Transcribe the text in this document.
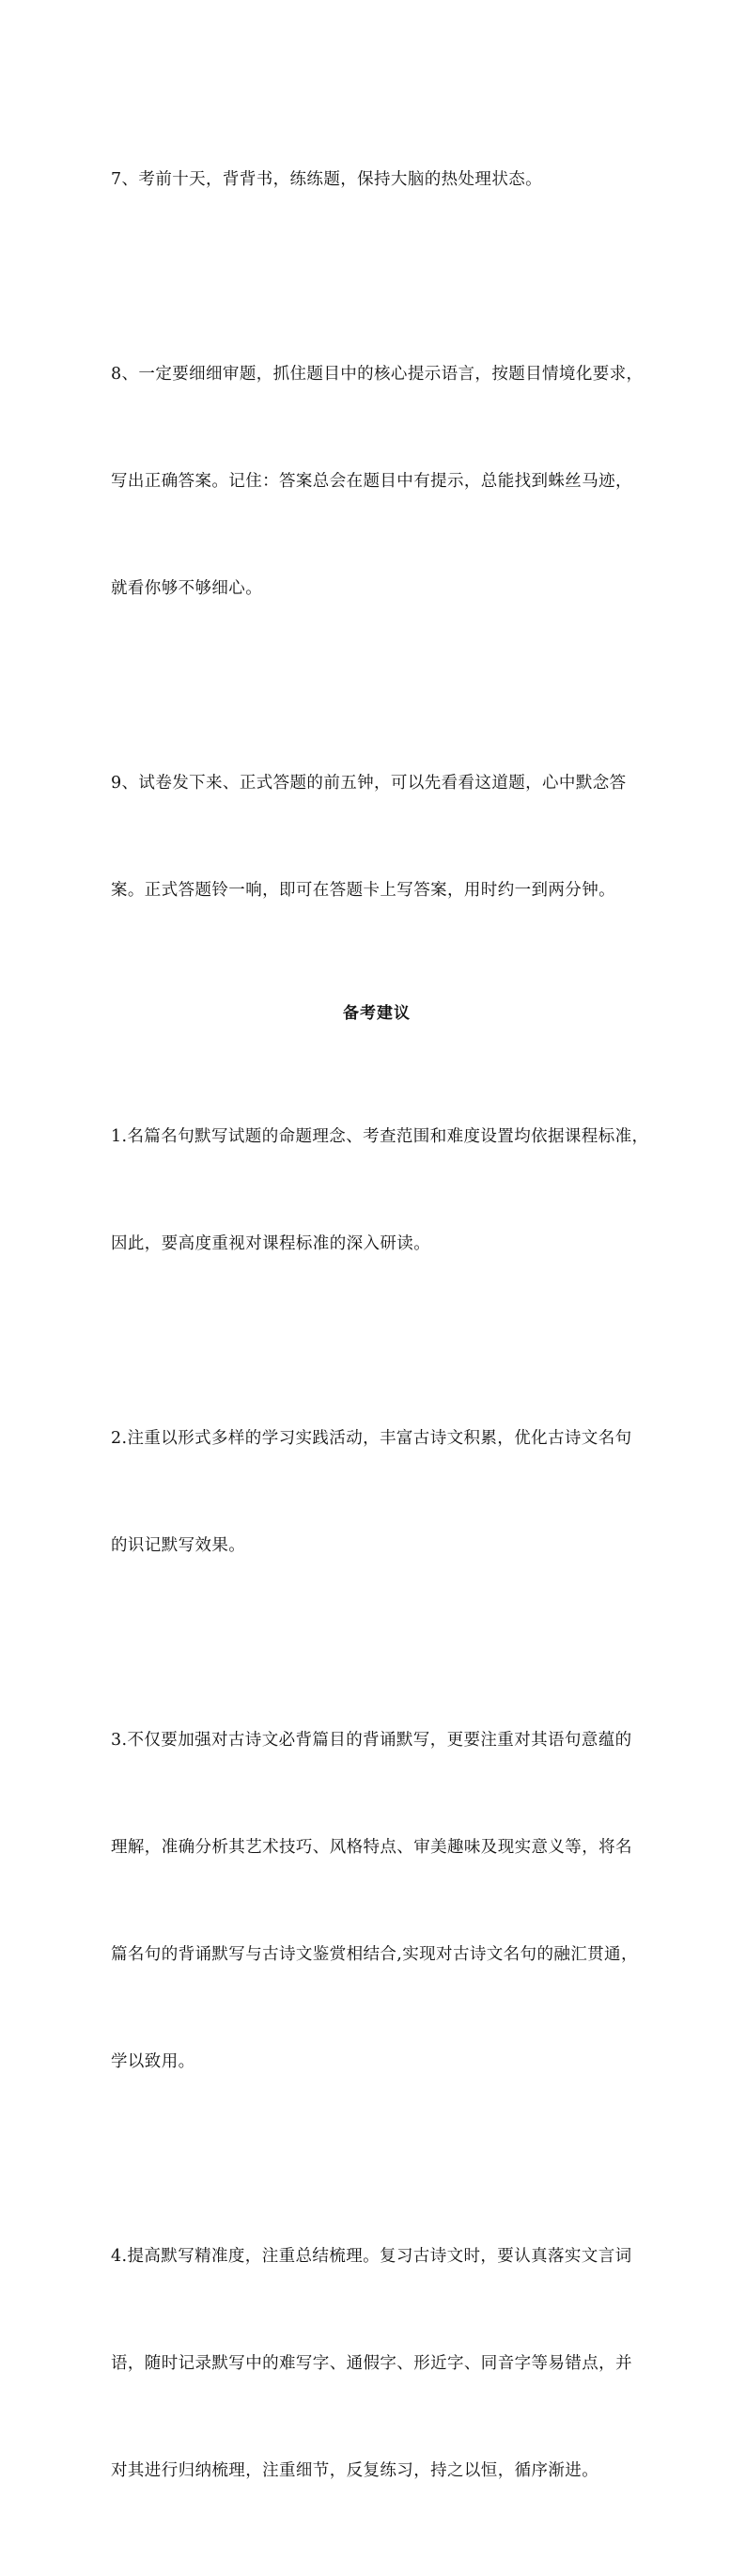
7、考前十天，背背书，练练题，保持大脑的热处理状态。

8、一定要细细审题，抓住题目中的核心提示语言，按题目情境化要求，

写出正确答案。记住：答案总会在题目中有提示，总能找到蛛丝马迹，

就看你够不够细心。

9、试卷发下来、正式答题的前五钟，可以先看看这道题，心中默念答

案。正式答题铃一响，即可在答题卡上写答案，用时约一到两分钟。

备考建议

1.名篇名句默写试题的命题理念、考查范围和难度设置均依据课程标准，

因此，要高度重视对课程标准的深入研读。

2.注重以形式多样的学习实践活动，丰富古诗文积累，优化古诗文名句

的识记默写效果。

3.不仅要加强对古诗文必背篇目的背诵默写，更要注重对其语句意蕴的

理解，准确分析其艺术技巧、风格特点、审美趣味及现实意义等，将名

篇名句的背诵默写与古诗文鉴赏相结合,实现对古诗文名句的融汇贯通，

学以致用。

4.提高默写精准度，注重总结梳理。复习古诗文时，要认真落实文言词

语，随时记录默写中的难写字、通假字、形近字、同音字等易错点，并

对其进行归纳梳理，注重细节，反复练习，持之以恒，循序渐进。
